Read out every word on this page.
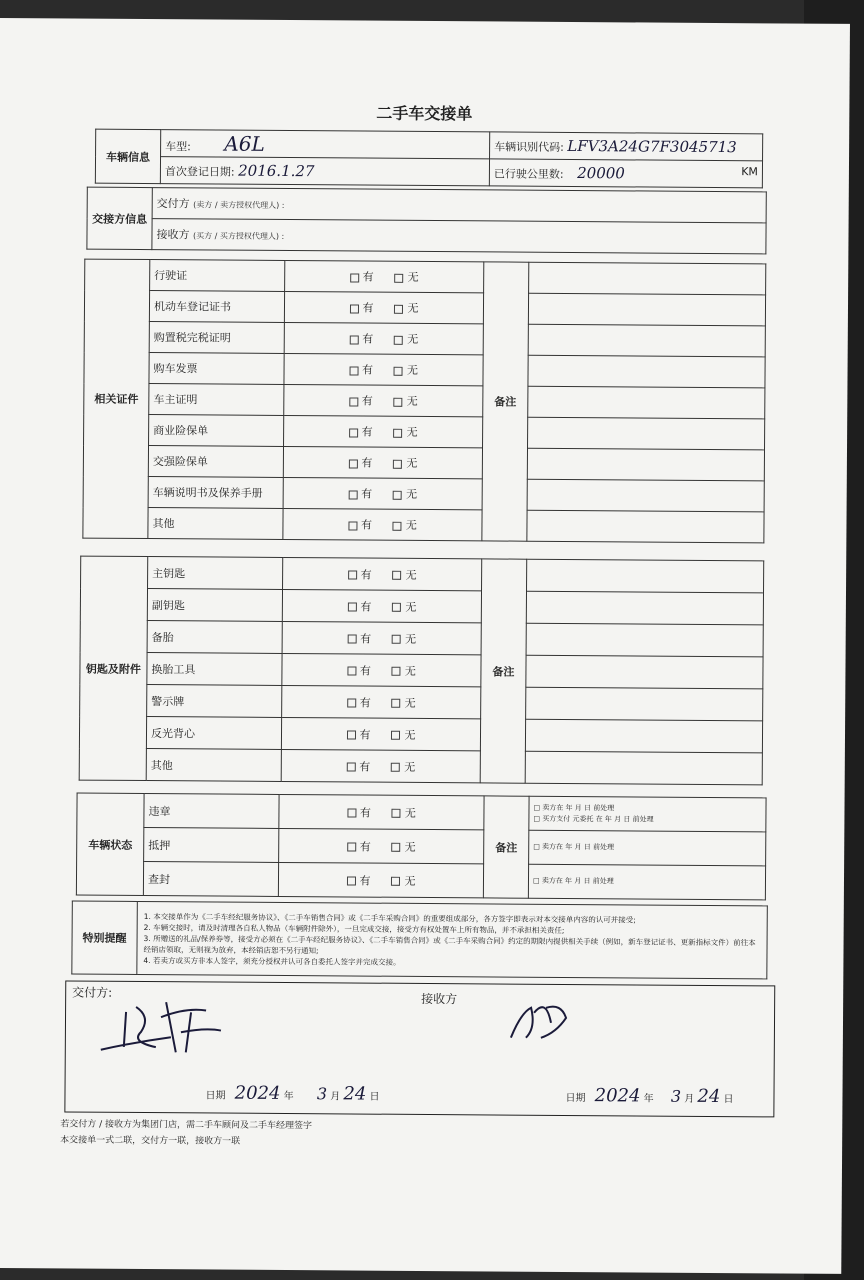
二手车交接单
车辆信息	车型: A6L	车辆识别代码: LFV3A24G7F3045713
	首次登记日期: 2016.1.27	已行驶公里数: 20000 KM
交接方信息	交付方 (卖方 / 卖方授权代理人) :
接收方 (买方 / 买方授权代理人) :
相关证件	行驶证	有 无	备注	
	机动车登记证书	有 无		
	购置税完税证明	有 无		
	购车发票	有 无		
	车主证明	有 无		
	商业险保单	有 无		
	交强险保单	有 无		
	车辆说明书及保养手册	有 无		
	其他	有 无		
钥匙及附件	主钥匙	有 无	备注	
	副钥匙	有 无		
	备胎	有 无		
	换胎工具	有 无		
	警示牌	有 无		
	反光背心	有 无		
	其他	有 无		
车辆状态	违章	有 无	备注	□ 卖方在 年 月 日 前处理
□ 买方支付 元委托 在 年 月 日 前处理

	抵押	有 无		□ 卖方在 年 月 日 前处理
	查封	有 无		□ 卖方在 年 月 日 前处理
特别提醒	
1. 本交接单作为《二手车经纪服务协议》、《二手车销售合同》或《二手车采购合同》的重要组成部分，各方签字即表示对本交接单内容的认可并接受;
2. 车辆交接时，请及时清理各自私人物品（车辆附件除外），一旦完成交接，接受方有权处置车上所有物品，并不承担相关责任;
3. 所赠送的礼品/保养券等，接受方必须在《二手车经纪服务协议》、《二手车销售合同》或《二手车采购合同》约定的期限内提供相关手续（例如，新车登记证书、更新指标文件）前往本经销店领取，无则视为放弃，本经销店恕不另行通知;
4. 若卖方或买方非本人签字，须充分授权并认可各自委托人签字并完成交接。
交付方:	接收方
日期 2024 年 3 月 24 日	日期 2024 年 3 月 24 日
若交付方 / 接收方为集团门店，需二手车顾问及二手车经理签字
本交接单一式二联，交付方一联，接收方一联
